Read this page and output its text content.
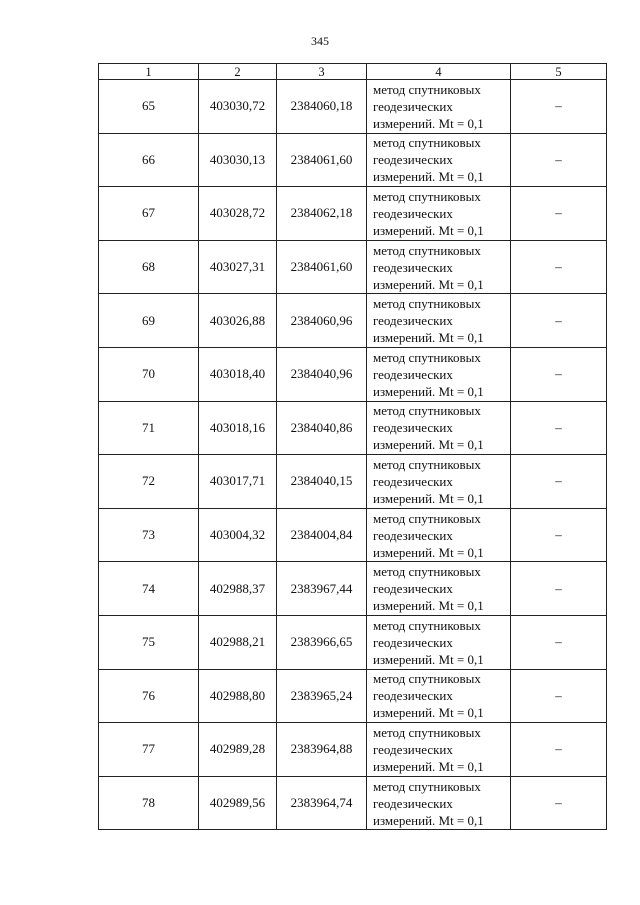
345
1	2	3	4	5
65	403030,72	2384060,18	метод спутниковых
геодезических
измерений. Mt = 0,1	–
66	403030,13	2384061,60	метод спутниковых
геодезических
измерений. Mt = 0,1	–
67	403028,72	2384062,18	метод спутниковых
геодезических
измерений. Mt = 0,1	–
68	403027,31	2384061,60	метод спутниковых
геодезических
измерений. Mt = 0,1	–
69	403026,88	2384060,96	метод спутниковых
геодезических
измерений. Mt = 0,1	–
70	403018,40	2384040,96	метод спутниковых
геодезических
измерений. Mt = 0,1	–
71	403018,16	2384040,86	метод спутниковых
геодезических
измерений. Mt = 0,1	–
72	403017,71	2384040,15	метод спутниковых
геодезических
измерений. Mt = 0,1	–
73	403004,32	2384004,84	метод спутниковых
геодезических
измерений. Mt = 0,1	–
74	402988,37	2383967,44	метод спутниковых
геодезических
измерений. Mt = 0,1	–
75	402988,21	2383966,65	метод спутниковых
геодезических
измерений. Mt = 0,1	–
76	402988,80	2383965,24	метод спутниковых
геодезических
измерений. Mt = 0,1	–
77	402989,28	2383964,88	метод спутниковых
геодезических
измерений. Mt = 0,1	–
78	402989,56	2383964,74	метод спутниковых
геодезических
измерений. Mt = 0,1	–
